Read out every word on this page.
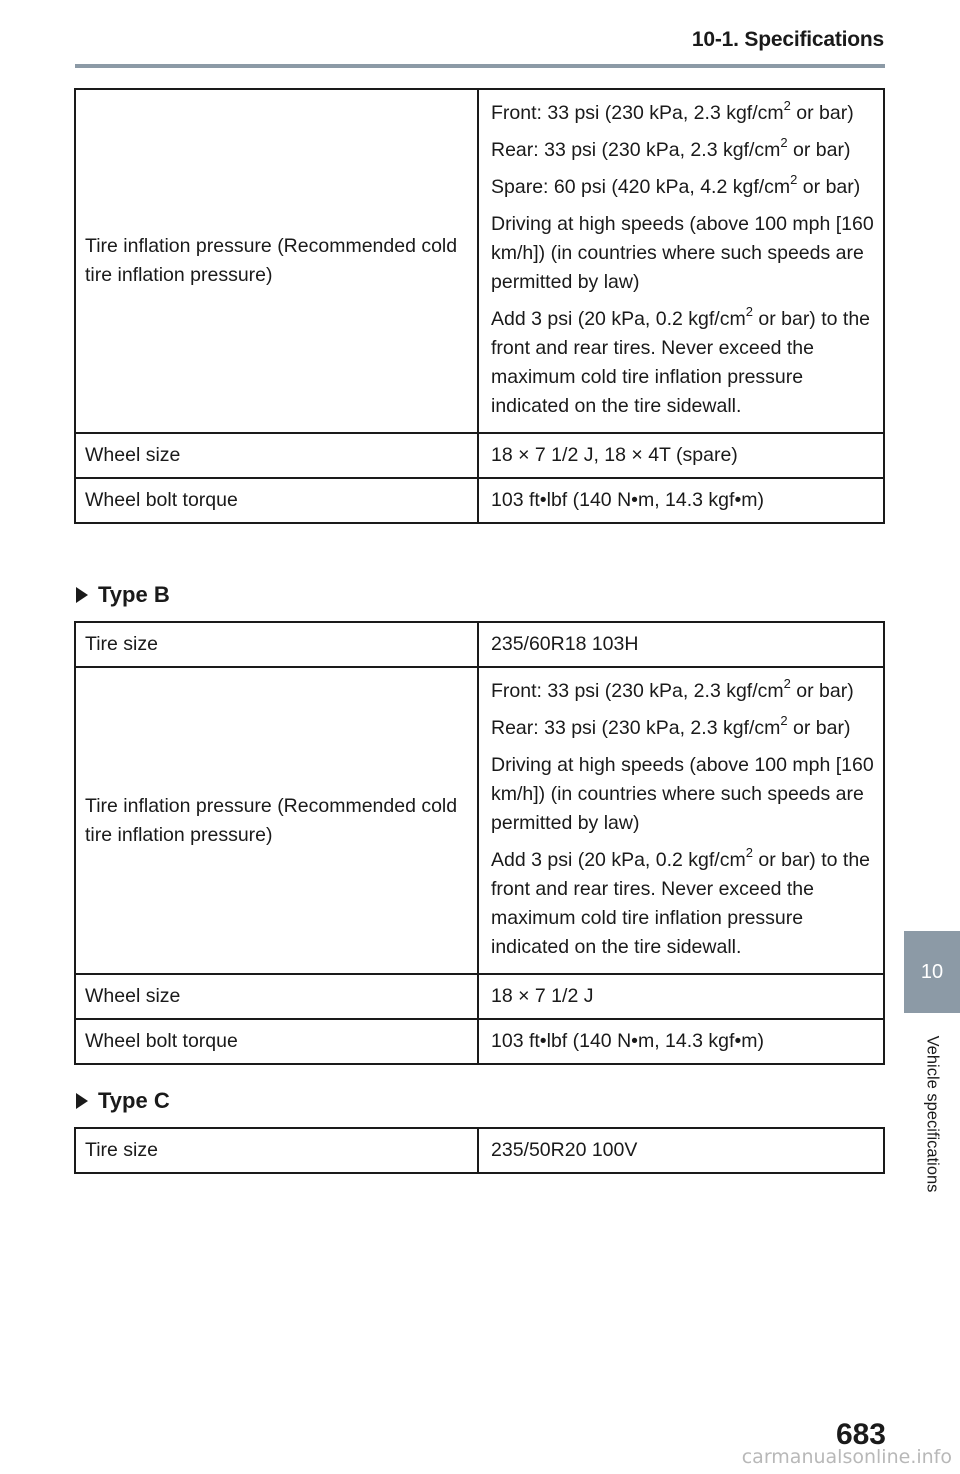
10-1. Specifications
Tire inflation pressure (Recommended cold tire inflation pressure)	Front: 33 psi (230 kPa, 2.3 kgf/$cm^2$ or bar)
Rear: 33 psi (230 kPa, 2.3 kgf/$cm^2$ or bar)
Spare: 60 psi (420 kPa, 4.2 kgf/$cm^2$ or bar)
Driving at high speeds (above 100 mph [160 km/h]) (in countries where such speeds are permitted by law)
Add 3 psi (20 kPa, 0.2 kgf/$cm^2$ or bar) to the front and rear tires. Never exceed the maximum cold tire inflation pressure indicated on the tire sidewall.

Wheel size	18 × 7 1/2 J, 18 × 4T (spare)
Wheel bolt torque	103 ft•lbf (140 N•m, 14.3 kgf•m)
Type B
Tire size	235/60R18 103H
Tire inflation pressure (Recommended cold tire inflation pressure)	Front: 33 psi (230 kPa, 2.3 kgf/$cm^2$ or bar)
Rear: 33 psi (230 kPa, 2.3 kgf/$cm^2$ or bar)
Driving at high speeds (above 100 mph [160 km/h]) (in countries where such speeds are permitted by law)
Add 3 psi (20 kPa, 0.2 kgf/$cm^2$ or bar) to the front and rear tires. Never exceed the maximum cold tire inflation pressure indicated on the tire sidewall.

Wheel size	18 × 7 1/2 J
Wheel bolt torque	103 ft•lbf (140 N•m, 14.3 kgf•m)
Type C
Tire size	235/50R20 100V
10
Vehicle specifications
683
carmanualsonline.info
